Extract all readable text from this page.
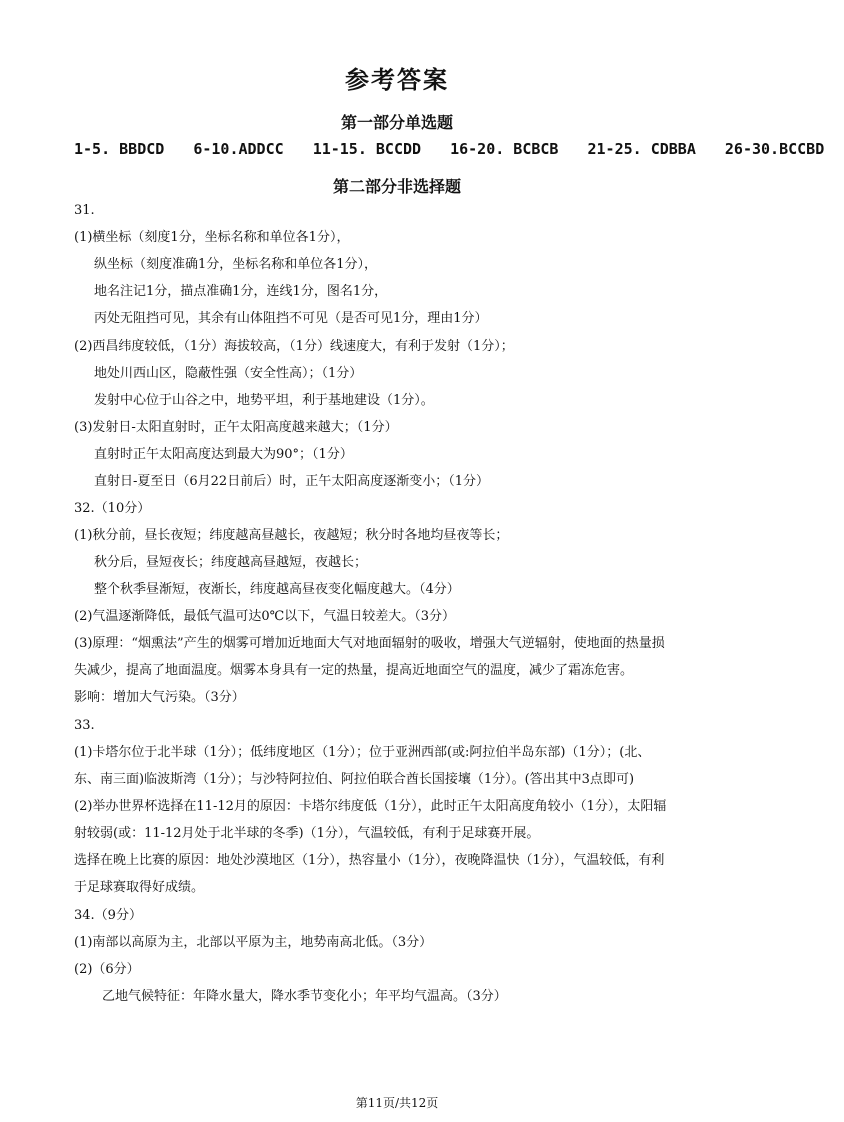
参考答案
第一部分单选题
1-5. BBDCD 6-10.ADDCC 11-15. BCCDD 16-20. BCBCB 21-25. CDBBA 26-30.BCCBD
第二部分非选择题
31.
(1)横坐标（刻度1分，坐标名称和单位各1分），
纵坐标（刻度准确1分，坐标名称和单位各1分），
地名注记1分，描点准确1分，连线1分，图名1分，
丙处无阻挡可见，其余有山体阻挡不可见（是否可见1分，理由1分）
(2)西昌纬度较低，（1分）海拔较高，（1分）线速度大，有利于发射（1分）；
地处川西山区，隐蔽性强（安全性高）；（1分）
发射中心位于山谷之中，地势平坦，利于基地建设（1分）。
(3)发射日-太阳直射时，正午太阳高度越来越大；（1分）
直射时正午太阳高度达到最大为90°；（1分）
直射日-夏至日（6月22日前后）时，正午太阳高度逐渐变小；（1分）
32.（10分）
(1)秋分前，昼长夜短；纬度越高昼越长，夜越短；秋分时各地均昼夜等长；
秋分后，昼短夜长；纬度越高昼越短，夜越长；
整个秋季昼渐短，夜渐长，纬度越高昼夜变化幅度越大。（4分）
(2)气温逐渐降低，最低气温可达0℃以下，气温日较差大。（3分）
(3)原理：“烟熏法”产生的烟雾可增加近地面大气对地面辐射的吸收，增强大气逆辐射，使地面的热量损
失减少，提高了地面温度。烟雾本身具有一定的热量，提高近地面空气的温度，减少了霜冻危害。
影响：增加大气污染。（3分）
33.
(1)卡塔尔位于北半球（1分）；低纬度地区（1分）；位于亚洲西部(或:阿拉伯半岛东部)（1分）；(北、
东、南三面)临波斯湾（1分）；与沙特阿拉伯、阿拉伯联合酋长国接壤（1分）。(答出其中3点即可)
(2)举办世界杯选择在11-12月的原因：卡塔尔纬度低（1分），此时正午太阳高度角较小（1分），太阳辐
射较弱(或：11-12月处于北半球的冬季)（1分），气温较低，有利于足球赛开展。
选择在晚上比赛的原因：地处沙漠地区（1分），热容量小（1分），夜晚降温快（1分），气温较低，有利
于足球赛取得好成绩。
34.（9分）
(1)南部以高原为主，北部以平原为主，地势南高北低。（3分）
(2)（6分）
乙地气候特征：年降水量大，降水季节变化小；年平均气温高。（3分）
第11页/共12页
